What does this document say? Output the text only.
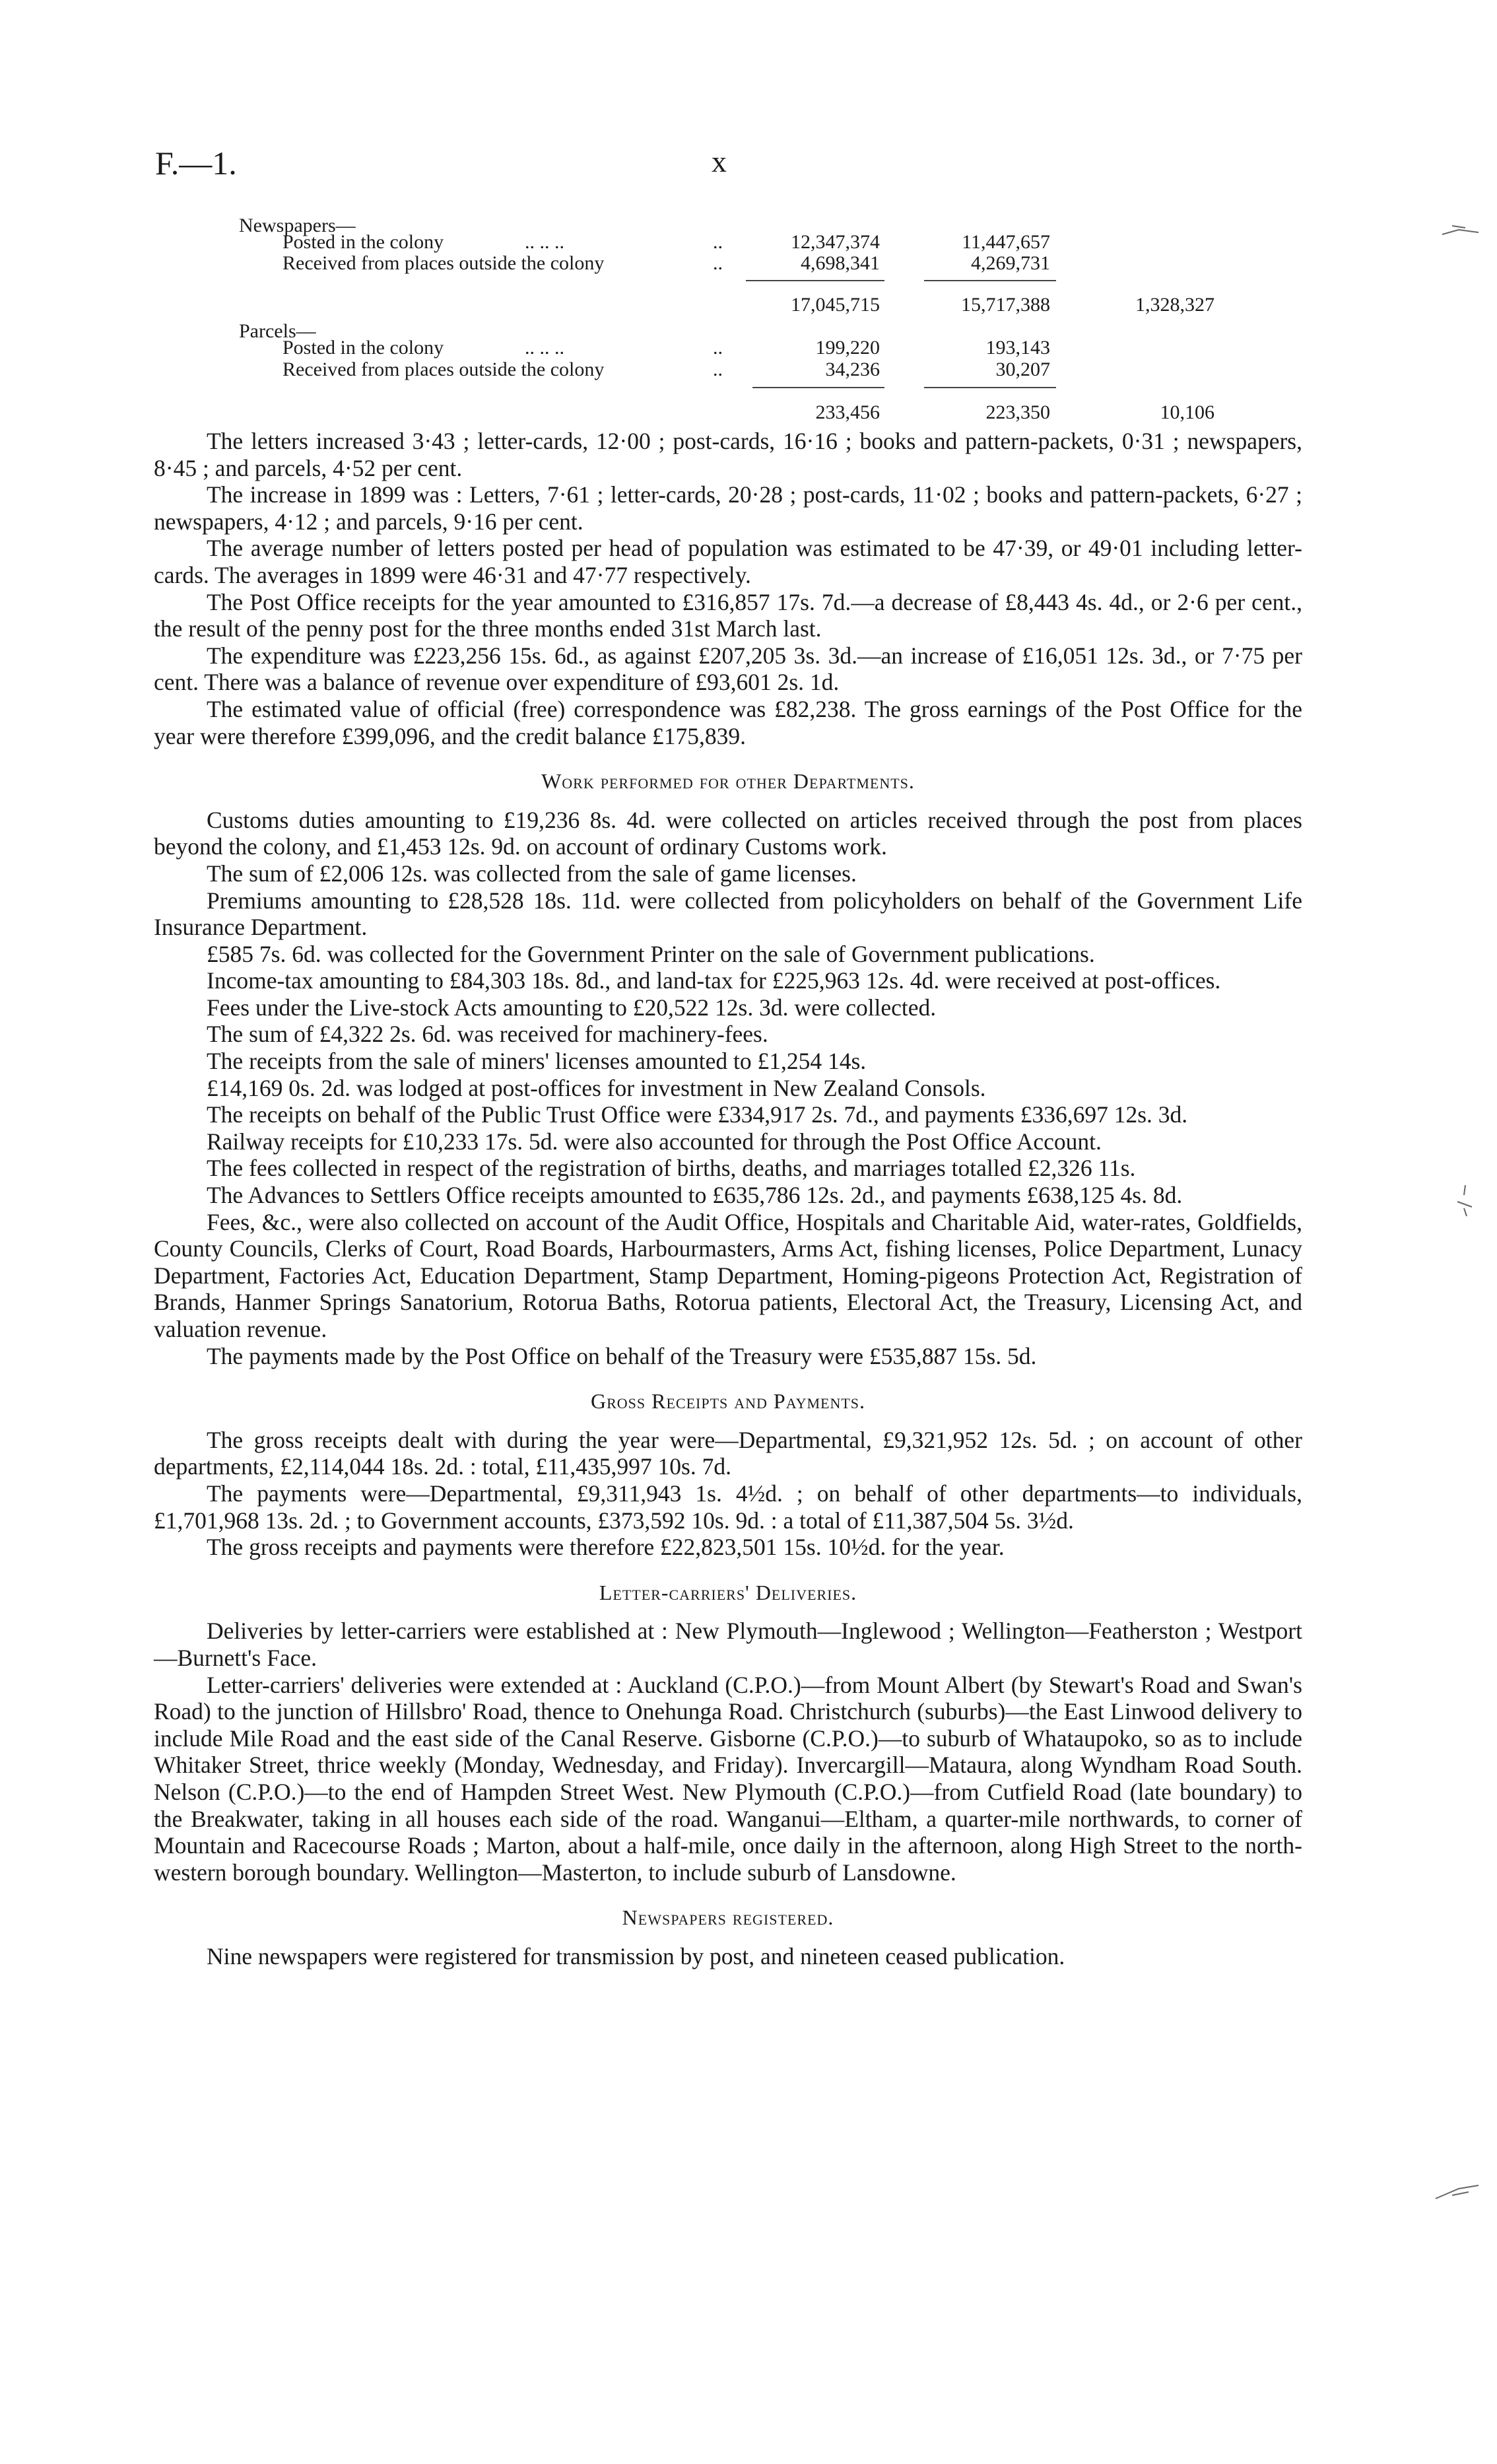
F.—1.	x
Newspapers—
Posted in the colony	.. .. ..	..	12,347,374	11,447,657
Received from places outside the colony	..	4,698,341	4,269,731
17,045,715	15,717,388	1,328,327
Parcels—
Posted in the colony	.. .. ..	..	199,220	193,143
Received from places outside the colony	..	34,236	30,207
233,456	223,350	10,106

The letters increased 3·43 ; letter-cards, 12·00 ; post-cards, 16·16 ; books and pattern-packets, 0·31 ; newspapers, 8·45 ; and parcels, 4·52 per cent.

The increase in 1899 was : Letters, 7·61 ; letter-cards, 20·28 ; post-cards, 11·02 ; books and pattern-packets, 6·27 ; newspapers, 4·12 ; and parcels, 9·16 per cent.

The average number of letters posted per head of population was estimated to be 47·39, or 49·01 including letter-cards. The averages in 1899 were 46·31 and 47·77 respectively.

The Post Office receipts for the year amounted to £316,857 17s. 7d.—a decrease of £8,443 4s. 4d., or 2·6 per cent., the result of the penny post for the three months ended 31st March last.

The expenditure was £223,256 15s. 6d., as against £207,205 3s. 3d.—an increase of £16,051 12s. 3d., or 7·75 per cent. There was a balance of revenue over expenditure of £93,601 2s. 1d.

The estimated value of official (free) correspondence was £82,238. The gross earnings of the Post Office for the year were therefore £399,096, and the credit balance £175,839.

Work performed for other Departments.

Customs duties amounting to £19,236 8s. 4d. were collected on articles received through the post from places beyond the colony, and £1,453 12s. 9d. on account of ordinary Customs work.

The sum of £2,006 12s. was collected from the sale of game licenses.

Premiums amounting to £28,528 18s. 11d. were collected from policyholders on behalf of the Government Life Insurance Department.

£585 7s. 6d. was collected for the Government Printer on the sale of Government publications.

Income-tax amounting to £84,303 18s. 8d., and land-tax for £225,963 12s. 4d. were received at post-offices.

Fees under the Live-stock Acts amounting to £20,522 12s. 3d. were collected.

The sum of £4,322 2s. 6d. was received for machinery-fees.

The receipts from the sale of miners' licenses amounted to £1,254 14s.

£14,169 0s. 2d. was lodged at post-offices for investment in New Zealand Consols.

The receipts on behalf of the Public Trust Office were £334,917 2s. 7d., and payments £336,697 12s. 3d.

Railway receipts for £10,233 17s. 5d. were also accounted for through the Post Office Account.

The fees collected in respect of the registration of births, deaths, and marriages totalled £2,326 11s.

The Advances to Settlers Office receipts amounted to £635,786 12s. 2d., and payments £638,125 4s. 8d.

Fees, &c., were also collected on account of the Audit Office, Hospitals and Charitable Aid, water-rates, Goldfields, County Councils, Clerks of Court, Road Boards, Harbourmasters, Arms Act, fishing licenses, Police Department, Lunacy Department, Factories Act, Education Department, Stamp Department, Homing-pigeons Protection Act, Registration of Brands, Hanmer Springs Sanatorium, Rotorua Baths, Rotorua patients, Electoral Act, the Treasury, Licensing Act, and valuation revenue.

The payments made by the Post Office on behalf of the Treasury were £535,887 15s. 5d.

Gross Receipts and Payments.

The gross receipts dealt with during the year were—Departmental, £9,321,952 12s. 5d. ; on account of other departments, £2,114,044 18s. 2d. : total, £11,435,997 10s. 7d.

The payments were—Departmental, £9,311,943 1s. 4½d. ; on behalf of other departments—to individuals, £1,701,968 13s. 2d. ; to Government accounts, £373,592 10s. 9d. : a total of £11,387,504 5s. 3½d.

The gross receipts and payments were therefore £22,823,501 15s. 10½d. for the year.

Letter-carriers' Deliveries.

Deliveries by letter-carriers were established at : New Plymouth—Inglewood ; Wellington—Featherston ; Westport—Burnett's Face.

Letter-carriers' deliveries were extended at : Auckland (C.P.O.)—from Mount Albert (by Stewart's Road and Swan's Road) to the junction of Hillsbro' Road, thence to Onehunga Road. Christchurch (suburbs)—the East Linwood delivery to include Mile Road and the east side of the Canal Reserve. Gisborne (C.P.O.)—to suburb of Whataupoko, so as to include Whitaker Street, thrice weekly (Monday, Wednesday, and Friday). Invercargill—Mataura, along Wyndham Road South. Nelson (C.P.O.)—to the end of Hampden Street West. New Plymouth (C.P.O.)—from Cutfield Road (late boundary) to the Breakwater, taking in all houses each side of the road. Wanganui—Eltham, a quarter-mile northwards, to corner of Mountain and Racecourse Roads ; Marton, about a half-mile, once daily in the afternoon, along High Street to the north-western borough boundary. Wellington—Masterton, to include suburb of Lansdowne.

Newspapers registered.

Nine newspapers were registered for transmission by post, and nineteen ceased publication.
